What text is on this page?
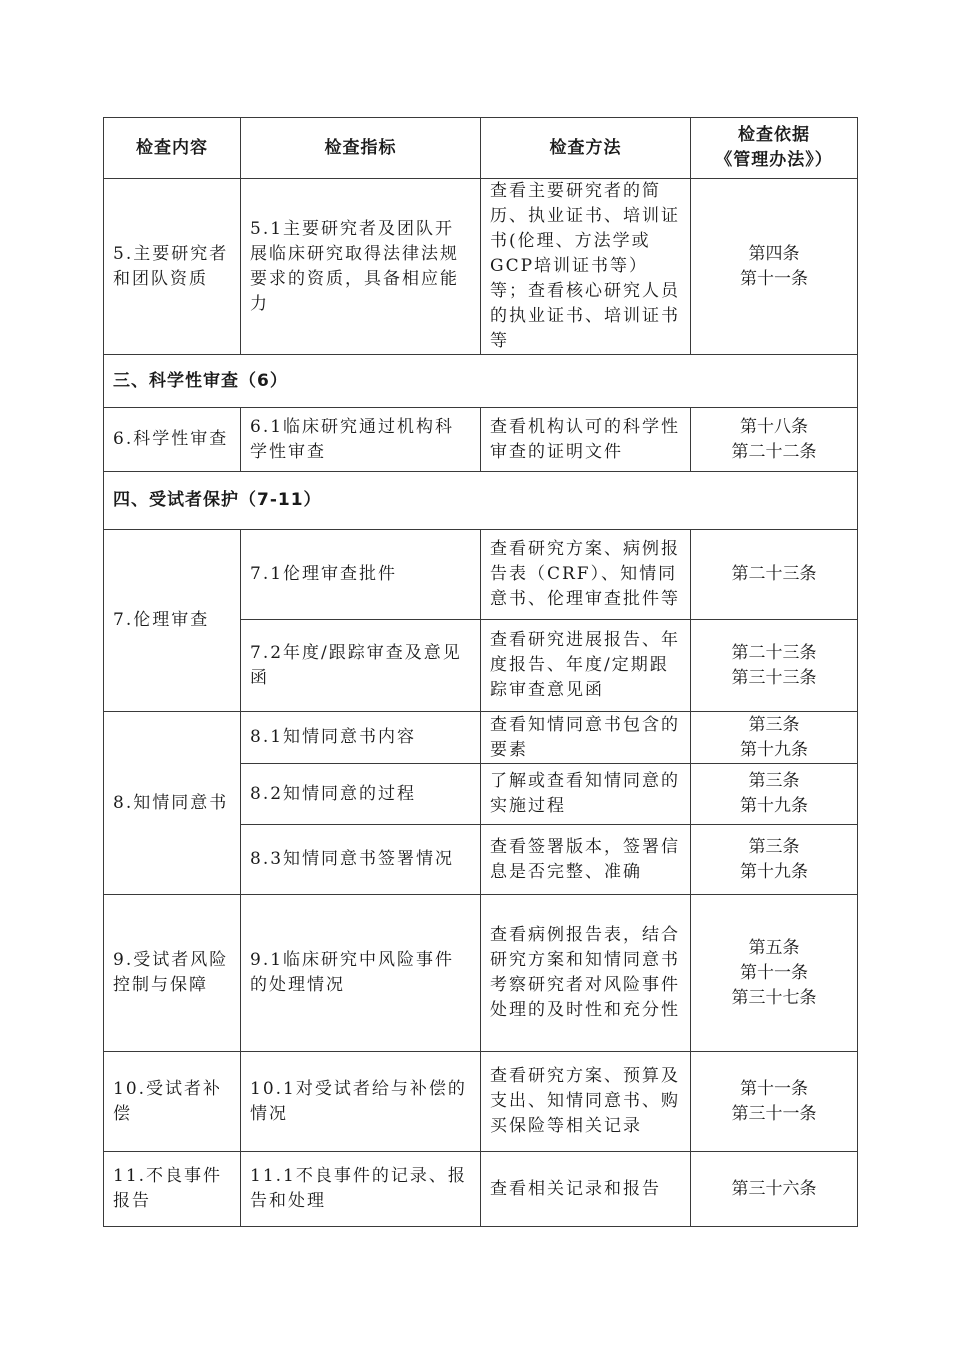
检查内容	检查指标	检查方法	检查依据
《管理办法》）

5.主要研究者和团队资质	5.1主要研究者及团队开展临床研究取得法律法规要求的资质，具备相应能力	查看主要研究者的简历、执业证书、培训证书(伦理、方法学或GCP培训证书等）等；查看核心研究人员的执业证书、培训证书等	第四条
第十一条

三、科学性审查（6）			
6.科学性审查	6.1临床研究通过机构科学性审查	查看机构认可的科学性审查的证明文件	第十八条
第二十二条

四、受试者保护（7-11）			
7.伦理审查	7.1伦理审查批件	查看研究方案、病例报告表（CRF）、知情同意书、伦理审查批件等	第二十三条

	7.2年度/跟踪审查及意见函	查看研究进展报告、年度报告、年度/定期跟踪审查意见函	第二十三条
第三十三条

8.知情同意书	8.1知情同意书内容	查看知情同意书包含的要素	第三条
第十九条

	8.2知情同意的过程	了解或查看知情同意的实施过程	第三条
第十九条

	8.3知情同意书签署情况	查看签署版本，签署信息是否完整、准确	第三条
第十九条

9.受试者风险控制与保障	9.1临床研究中风险事件的处理情况	查看病例报告表，结合研究方案和知情同意书考察研究者对风险事件处理的及时性和充分性	第五条
第十一条
第三十七条

10.受试者补偿	10.1对受试者给与补偿的情况	查看研究方案、预算及支出、知情同意书、购买保险等相关记录	第十一条
第三十一条

11.不良事件报告	11.1不良事件的记录、报告和处理	查看相关记录和报告	第三十六条
